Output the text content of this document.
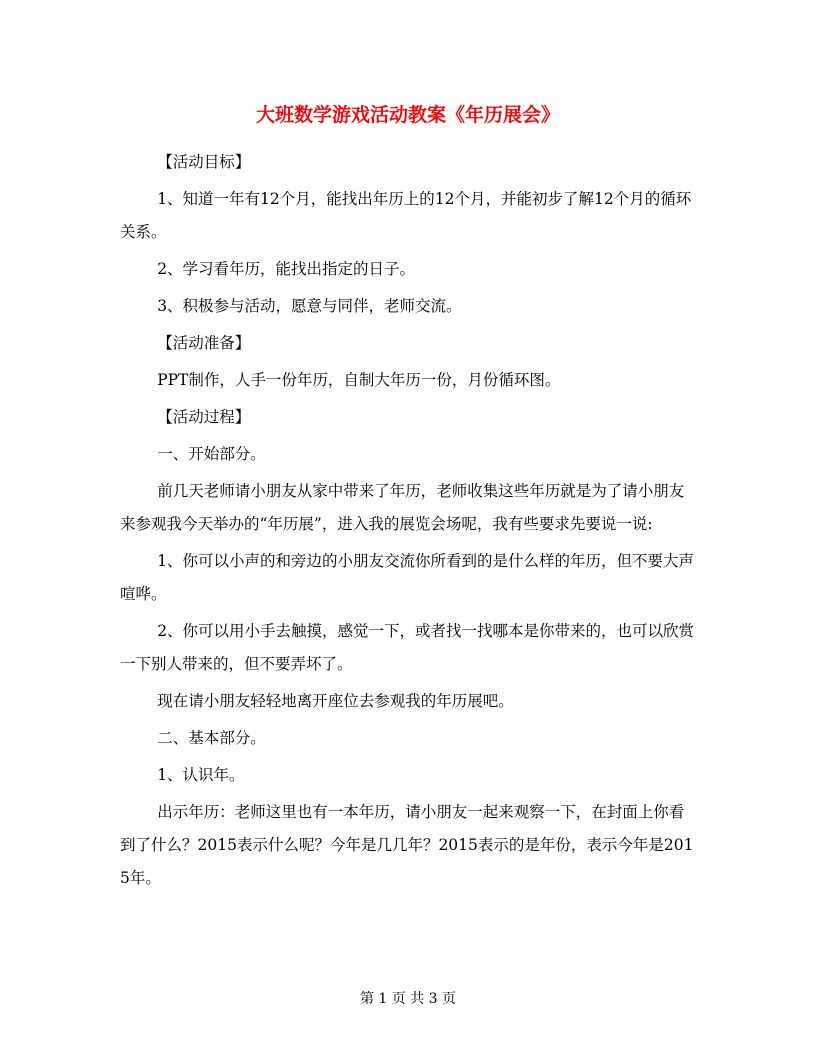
大班数学游戏活动教案《年历展会》

【活动目标】

1、知道一年有12个月，能找出年历上的12个月，并能初步了解12个月的循环关系。

2、学习看年历，能找出指定的日子。

3、积极参与活动，愿意与同伴，老师交流。

【活动准备】

PPT制作，人手一份年历，自制大年历一份，月份循环图。

【活动过程】

一、开始部分。

前几天老师请小朋友从家中带来了年历，老师收集这些年历就是为了请小朋友来参观我今天举办的“年历展”，进入我的展览会场呢，我有些要求先要说一说:

1、你可以小声的和旁边的小朋友交流你所看到的是什么样的年历，但不要大声喧哗。

2、你可以用小手去触摸，感觉一下，或者找一找哪本是你带来的，也可以欣赏一下别人带来的，但不要弄坏了。

现在请小朋友轻轻地离开座位去参观我的年历展吧。

二、基本部分。

1、认识年。

出示年历：老师这里也有一本年历，请小朋友一起来观察一下，在封面上你看到了什么？2015表示什么呢？今年是几几年？2015表示的是年份，表示今年是2015年。

第 1 页 共 3 页
